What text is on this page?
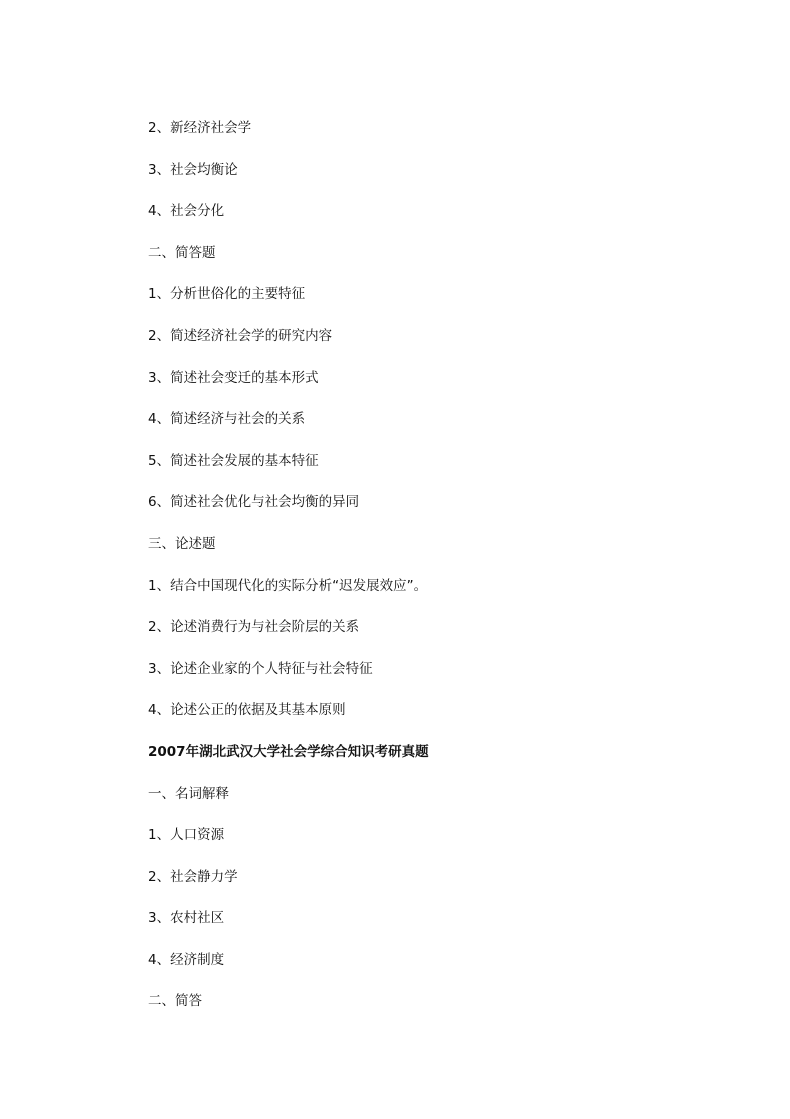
2、新经济社会学
3、社会均衡论
4、社会分化
二、简答题
1、分析世俗化的主要特征
2、简述经济社会学的研究内容
3、简述社会变迁的基本形式
4、简述经济与社会的关系
5、简述社会发展的基本特征
6、简述社会优化与社会均衡的异同
三、论述题
1、结合中国现代化的实际分析“迟发展效应”。
2、论述消费行为与社会阶层的关系
3、论述企业家的个人特征与社会特征
4、论述公正的依据及其基本原则
2007年湖北武汉大学社会学综合知识考研真题
一、名词解释
1、人口资源
2、社会静力学
3、农村社区
4、经济制度
二、简答
